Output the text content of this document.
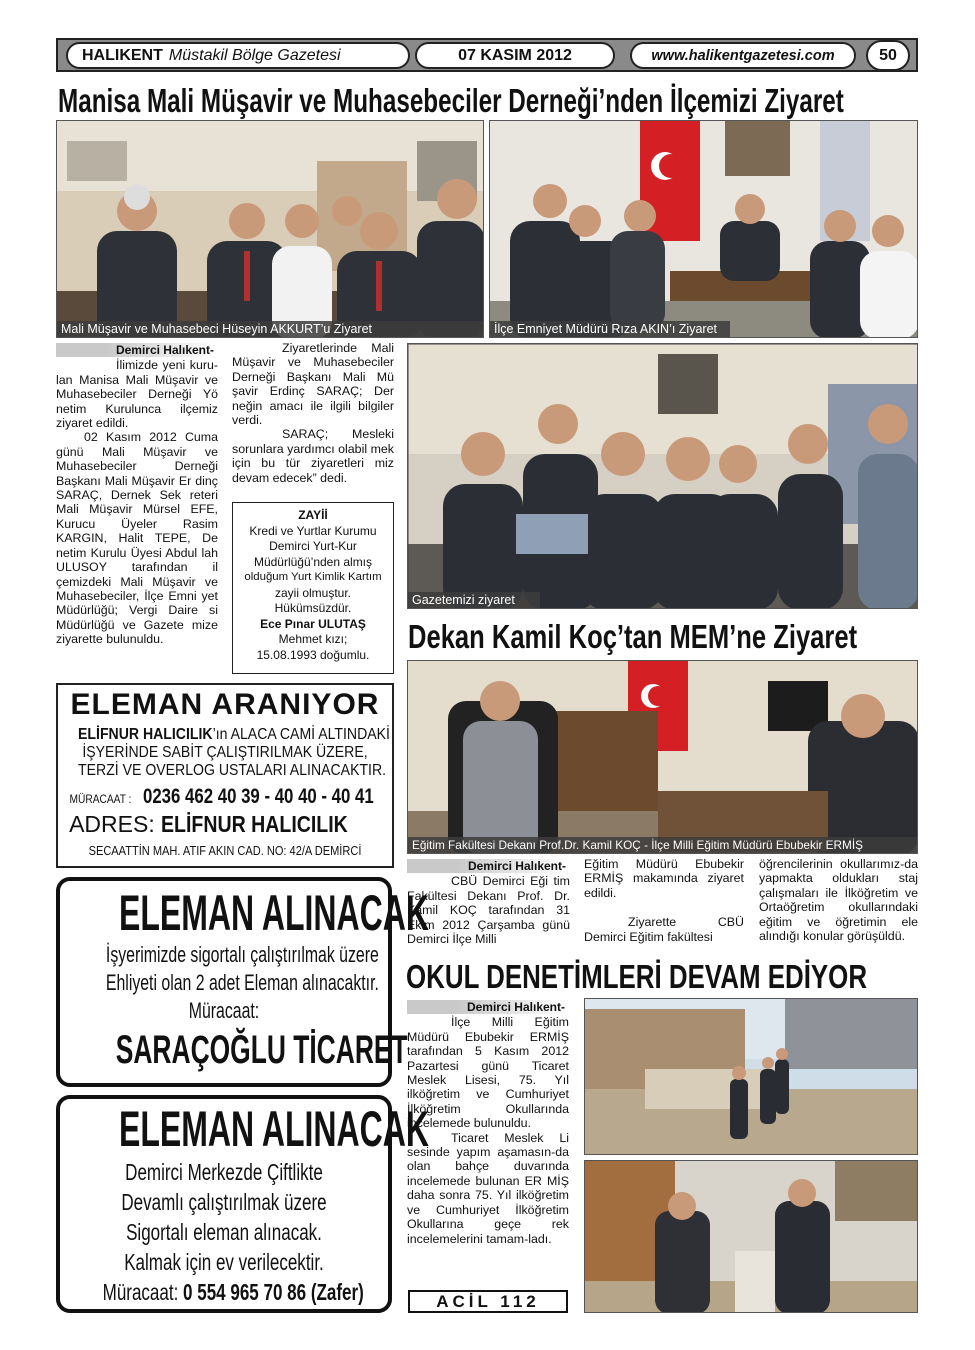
HALIKENT Müstakil Bölge Gazetesi	07 KASIM 2012	www.halikentgazetesi.com	50
Manisa Mali Müşavir ve Muhasebeciler Derneği’nden İlçemizi Ziyaret
Mali Müşavir ve Muhasebeci Hüseyin AKKURT’u Ziyaret	İlçe Emniyet Müdürü Rıza AKIN’ı Ziyaret
Demirci Halıkent-

İlimizde yeni kuru-lan Manisa Mali Müşavir ve Muhasebeciler Derneği Yö netim Kurulunca ilçemiz ziyaret edildi.

02 Kasım 2012 Cuma günü Mali Müşavir ve Muhasebeciler Derneği Başkanı Mali Müşavir Er dinç SARAÇ, Dernek Sek reteri Mali Müşavir Mürsel EFE, Kurucu Üyeler Rasim KARGIN, Halit TEPE, De netim Kurulu Üyesi Abdul lah ULUSOY tarafından il çemizdeki Mali Müşavir ve Muhasebeciler, İlçe Emni yet Müdürlüğü; Vergi Daire si Müdürlüğü ve Gazete mize ziyarette bulunuldu.

Ziyaretlerinde Mali Müşavir ve Muhasebeciler Derneği Başkanı Mali Mü şavir Erdinç SARAÇ; Der neğin amacı ile ilgili bilgiler verdi.

SARAÇ; Mesleki sorunlara yardımcı olabil mek için bu tür ziyaretleri miz devam edecek” dedi.

ZAYİİ
Kredi ve Yurtlar Kurumu
Demirci Yurt-Kur
Müdürlüğü’nden almış
olduğum Yurt Kimlik Kartım
zayii olmuştur.
Hükümsüzdür.
Ece Pınar ULUTAŞ
Mehmet kızı;
15.08.1993 doğumlu.
Gazetemizi ziyaret
ELEMAN ARANIYOR
ELİFNUR HALICILIK’ın ALACA CAMİ ALTINDAKİ
İŞYERİNDE SABİT ÇALIŞTIRILMAK ÜZERE,
TERZİ VE OVERLOG USTALARI ALINACAKTIR.
MÜRACAAT : 0236 462 40 39 - 40 40 - 40 41
ADRES: ELİFNUR HALICILIK
SECAATTİN MAH. ATIF AKIN CAD. NO: 42/A DEMİRCİ
ELEMAN ALINACAK
İşyerimizde sigortalı çalıştırılmak üzere
Ehliyeti olan 2 adet Eleman alınacaktır.
Müracaat:
SARAÇOĞLU TİCARET
ELEMAN ALINACAK
Demirci Merkezde Çiftlikte
Devamlı çalıştırılmak üzere
Sigortalı eleman alınacak.
Kalmak için ev verilecektir.
Müracaat: 0 554 965 70 86 (Zafer)
Dekan Kamil Koç’tan MEM’ne Ziyaret
Eğitim Fakültesi Dekanı Prof.Dr. Kamil KOÇ - İlçe Milli Eğitim Müdürü Ebubekir ERMİŞ
Demirci Halıkent-

CBÜ Demirci Eği tim Fakültesi Dekanı Prof. Dr. Kamil KOÇ tarafından 31 Ekim 2012 Çarşamba günü Demirci İlçe Milli

Eğitim Müdürü Ebubekir ERMİŞ makamında ziyaret edildi.

Ziyarette CBÜ Demirci Eğitim fakültesi

öğrencilerinin okullarımız-da yapmakta oldukları staj çalışmaları ile İlköğretim ve Ortaöğretim okullarındaki eğitim ve öğretimin ele alındığı konular görüşüldü.

OKUL DENETİMLERİ DEVAM EDİYOR
Demirci Halıkent-

İlçe Milli Eğitim Müdürü Ebubekir ERMİŞ tarafından 5 Kasım 2012 Pazartesi günü Ticaret Meslek Lisesi, 75. Yıl ilköğretim ve Cumhuriyet İlköğretim Okullarında incelemede bulunuldu.

Ticaret Meslek Li sesinde yapım aşamasın-da olan bahçe duvarında incelemede bulunan ER MİŞ daha sonra 75. Yıl ilköğretim ve Cumhuriyet İlköğretim Okullarına geçe rek incelemelerini tamam-ladı.

ACİL 112
